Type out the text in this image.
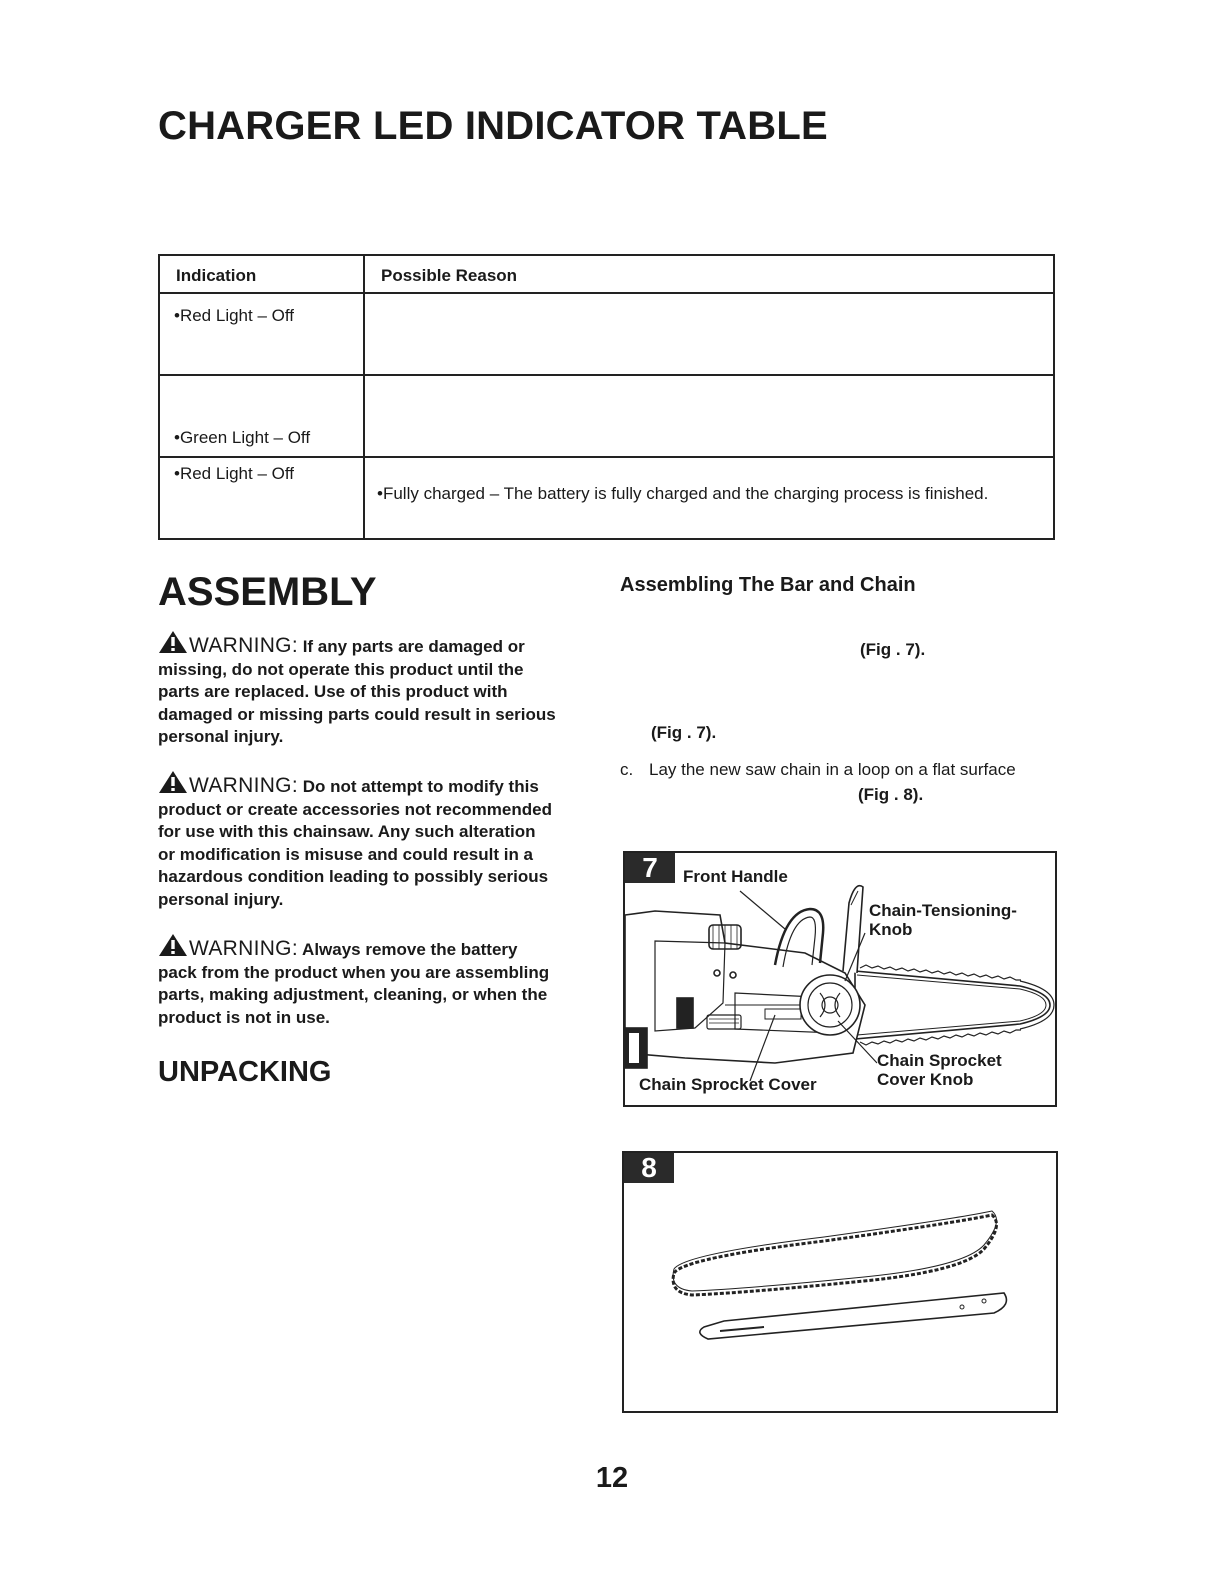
CHARGER LED INDICATOR TABLE
Indication	Possible Reason

•Red Light – Off	

•Green Light – Off	

•Red Light – Off	•Fully charged – The battery is fully charged and the charging process is finished.
ASSEMBLY
WARNING: If any parts are damaged or
missing, do not operate this product until the
parts are replaced. Use of this product with
damaged or missing parts could result in serious
personal injury.
WARNING: Do not attempt to modify this
product or create accessories not recommended
for use with this chainsaw. Any such alteration
or modification is misuse and could result in a
hazardous condition leading to possibly serious
personal injury.
WARNING: Always remove the battery
pack from the product when you are assembling
parts, making adjustment, cleaning, or when the
product is not in use.
UNPACKING
Assembling The Bar and Chain
(Fig . 7).
(Fig . 7).
c. Lay the new saw chain in a loop on a flat surface
(Fig . 8).
7	Front Handle
Chain-Tensioning-
Knob
Chain Sprocket
Cover Knob
Chain Sprocket Cover
8
12
